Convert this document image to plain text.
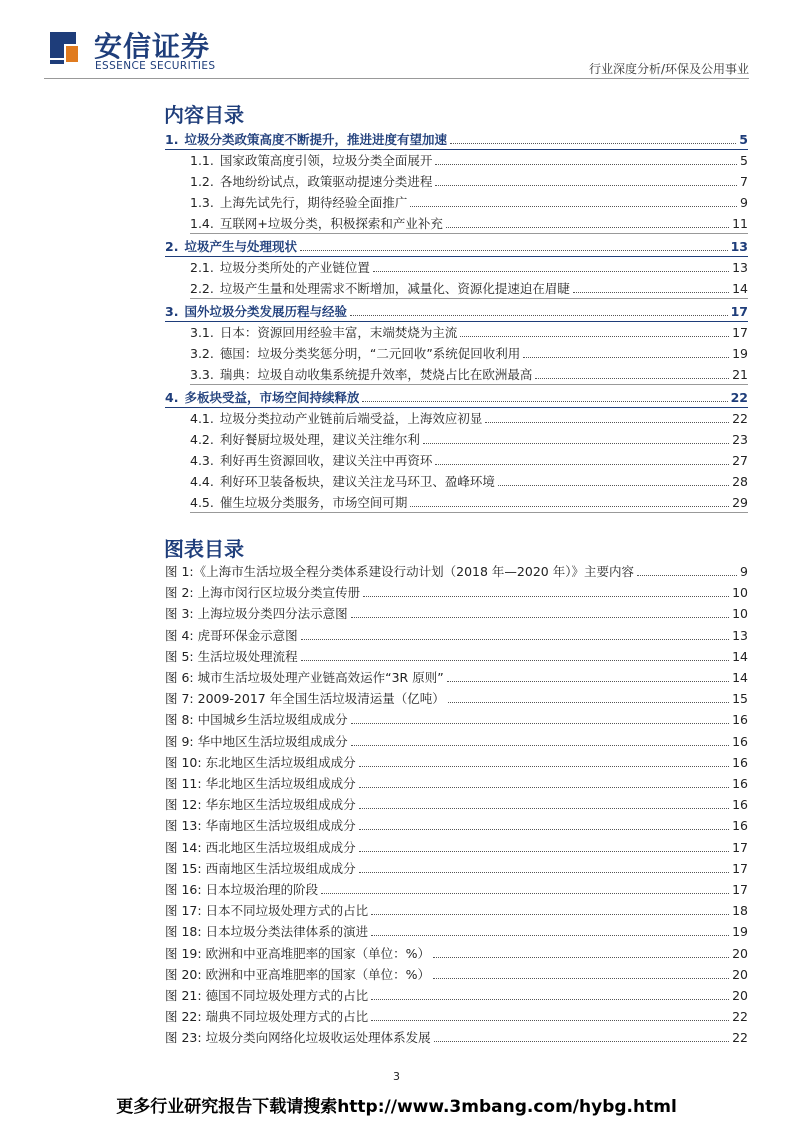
安信证券
ESSENCE SECURITIES	行业深度分析/环保及公用事业
内容目录
1. 垃圾分类政策高度不断提升，推进进度有望加速	5
1.1. 国家政策高度引领，垃圾分类全面展开	5
1.2. 各地纷纷试点，政策驱动提速分类进程	7
1.3. 上海先试先行，期待经验全面推广	9
1.4. 互联网+垃圾分类，积极探索和产业补充	11
2. 垃圾产生与处理现状	13
2.1. 垃圾分类所处的产业链位置	13
2.2. 垃圾产生量和处理需求不断增加，减量化、资源化提速迫在眉睫	14
3. 国外垃圾分类发展历程与经验	17
3.1. 日本：资源回用经验丰富，末端焚烧为主流	17
3.2. 德国：垃圾分类奖惩分明，“二元回收”系统促回收利用	19
3.3. 瑞典：垃圾自动收集系统提升效率，焚烧占比在欧洲最高	21
4. 多板块受益，市场空间持续释放	22
4.1. 垃圾分类拉动产业链前后端受益，上海效应初显	22
4.2. 利好餐厨垃圾处理，建议关注维尔利	23
4.3. 利好再生资源回收，建议关注中再资环	27
4.4. 利好环卫装备板块，建议关注龙马环卫、盈峰环境	28
4.5. 催生垃圾分类服务，市场空间可期	29
图表目录
图 1:《上海市生活垃圾全程分类体系建设行动计划（2018 年—2020 年）》主要内容	9
图 2: 上海市闵行区垃圾分类宣传册	10
图 3: 上海垃圾分类四分法示意图	10
图 4: 虎哥环保金示意图	13
图 5: 生活垃圾处理流程	14
图 6: 城市生活垃圾处理产业链高效运作“3R 原则”	14
图 7: 2009-2017 年全国生活垃圾清运量（亿吨）	15
图 8: 中国城乡生活垃圾组成成分	16
图 9: 华中地区生活垃圾组成成分	16
图 10: 东北地区生活垃圾组成成分	16
图 11: 华北地区生活垃圾组成成分	16
图 12: 华东地区生活垃圾组成成分	16
图 13: 华南地区生活垃圾组成成分	16
图 14: 西北地区生活垃圾组成成分	17
图 15: 西南地区生活垃圾组成成分	17
图 16: 日本垃圾治理的阶段	17
图 17: 日本不同垃圾处理方式的占比	18
图 18: 日本垃圾分类法律体系的演进	19
图 19: 欧洲和中亚高堆肥率的国家（单位：%）	20
图 20: 欧洲和中亚高堆肥率的国家（单位：%）	20
图 21: 德国不同垃圾处理方式的占比	20
图 22: 瑞典不同垃圾处理方式的占比	22
图 23: 垃圾分类向网络化垃圾收运处理体系发展	22
3
更多行业研究报告下载请搜索http://www.3mbang.com/hybg.html
